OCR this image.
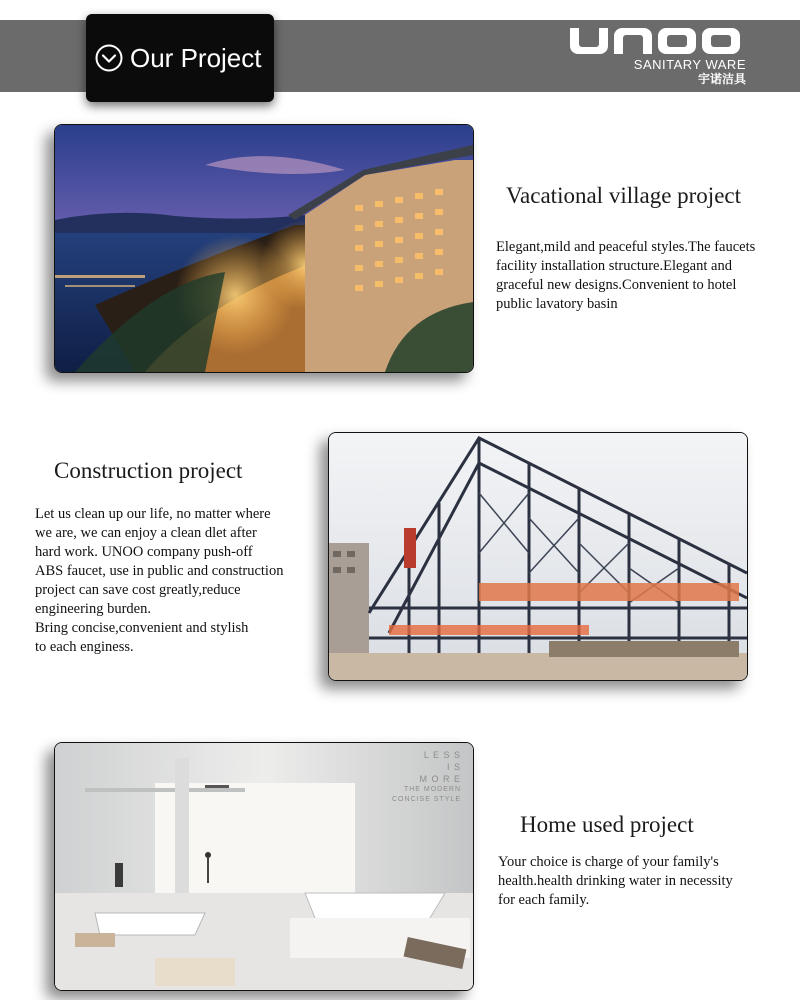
Our Project	SANITARY WARE
宇诺洁具
Vacational village project
Elegant,mild and peaceful styles.The faucets
facility installation structure.Elegant and
graceful new designs.Convenient to hotel
public lavatory basin
Construction project
Let us clean up our life, no matter where
we are, we can enjoy a clean dlet after
hard work. UNOO company push-off
ABS faucet, use in public and construction
project can save cost greatly,reduce
engineering burden.
Bring concise,convenient and stylish
to each enginess.
L E S S
I S
M O R E
THE MODERN
CONCISE STYLE
Home used project
Your choice is charge of your family's
health.health drinking water in necessity
for each family.
